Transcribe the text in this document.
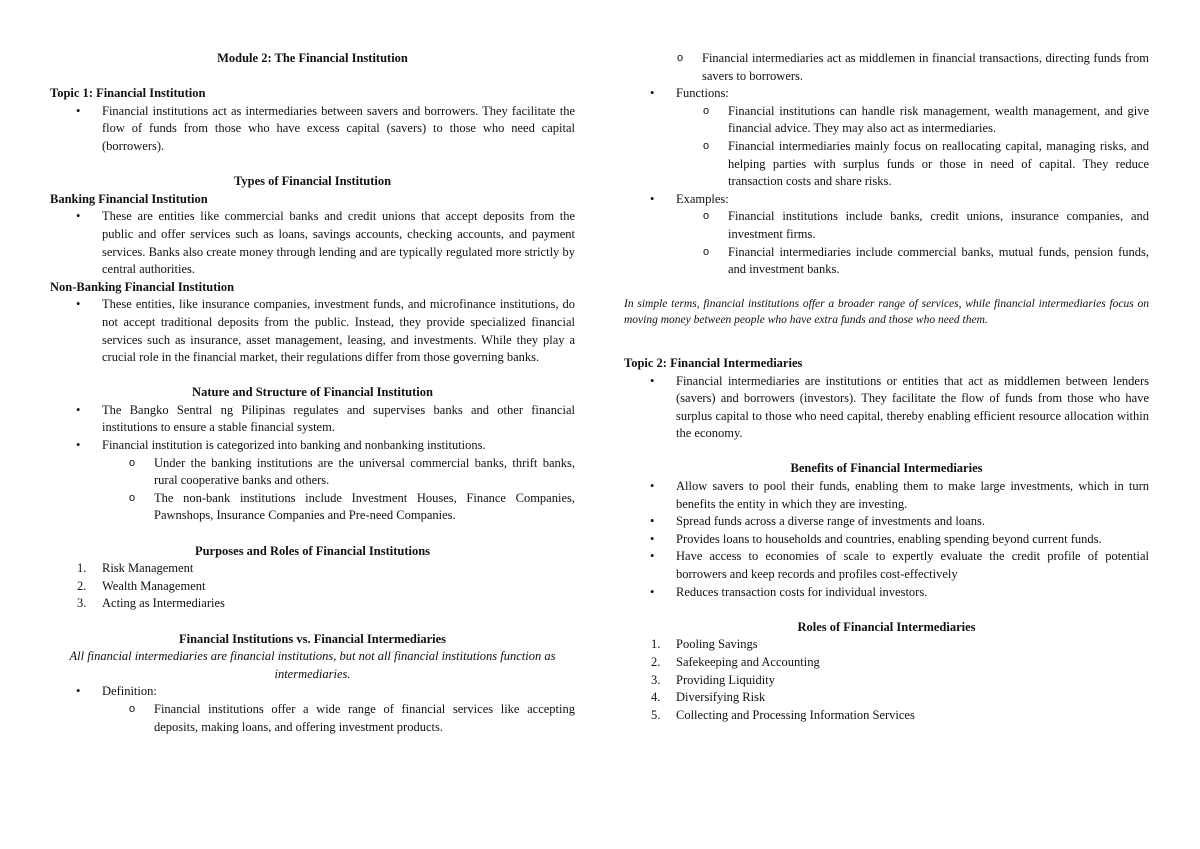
Module 2: The Financial Institution

Topic 1: Financial Institution

• Financial institutions act as intermediaries between savers and borrowers. They facilitate the flow of funds from those who have excess capital (savers) to those who need capital (borrowers).

Types of Financial Institution

Banking Financial Institution

• These are entities like commercial banks and credit unions that accept deposits from the public and offer services such as loans, savings accounts, checking accounts, and payment services. Banks also create money through lending and are typically regulated more strictly by central authorities.

Non-Banking Financial Institution

• These entities, like insurance companies, investment funds, and microfinance institutions, do not accept traditional deposits from the public. Instead, they provide specialized financial services such as insurance, asset management, leasing, and investments. While they play a crucial role in the financial market, their regulations differ from those governing banks.

Nature and Structure of Financial Institution

• The Bangko Sentral ng Pilipinas regulates and supervises banks and other financial institutions to ensure a stable financial system.
• Financial institution is categorized into banking and nonbanking institutions.
o Under the banking institutions are the universal commercial banks, thrift banks, rural cooperative banks and others.
o The non-bank institutions include Investment Houses, Finance Companies, Pawnshops, Insurance Companies and Pre-need Companies.

Purposes and Roles of Financial Institutions

1. Risk Management
2. Wealth Management
3. Acting as Intermediaries

Financial Institutions vs. Financial Intermediaries

All financial intermediaries are financial institutions, but not all financial institutions function as intermediaries.

• Definition:
o Financial institutions offer a wide range of financial services like accepting deposits, making loans, and offering investment products.
o Financial intermediaries act as middlemen in financial transactions, directing funds from savers to borrowers.
• Functions:
o Financial institutions can handle risk management, wealth management, and give financial advice. They may also act as intermediaries.
o Financial intermediaries mainly focus on reallocating capital, managing risks, and helping parties with surplus funds or those in need of capital. They reduce transaction costs and share risks.
• Examples:
o Financial institutions include banks, credit unions, insurance companies, and investment firms.
o Financial intermediaries include commercial banks, mutual funds, pension funds, and investment banks.

In simple terms, financial institutions offer a broader range of services, while financial intermediaries focus on moving money between people who have extra funds and those who need them.

Topic 2: Financial Intermediaries

• Financial intermediaries are institutions or entities that act as middlemen between lenders (savers) and borrowers (investors). They facilitate the flow of funds from those who have surplus capital to those who need capital, thereby enabling efficient resource allocation within the economy.

Benefits of Financial Intermediaries

• Allow savers to pool their funds, enabling them to make large investments, which in turn benefits the entity in which they are investing.
• Spread funds across a diverse range of investments and loans.
• Provides loans to households and countries, enabling spending beyond current funds.
• Have access to economies of scale to expertly evaluate the credit profile of potential borrowers and keep records and profiles cost-effectively
• Reduces transaction costs for individual investors.

Roles of Financial Intermediaries

1. Pooling Savings
2. Safekeeping and Accounting
3. Providing Liquidity
4. Diversifying Risk
5. Collecting and Processing Information Services
